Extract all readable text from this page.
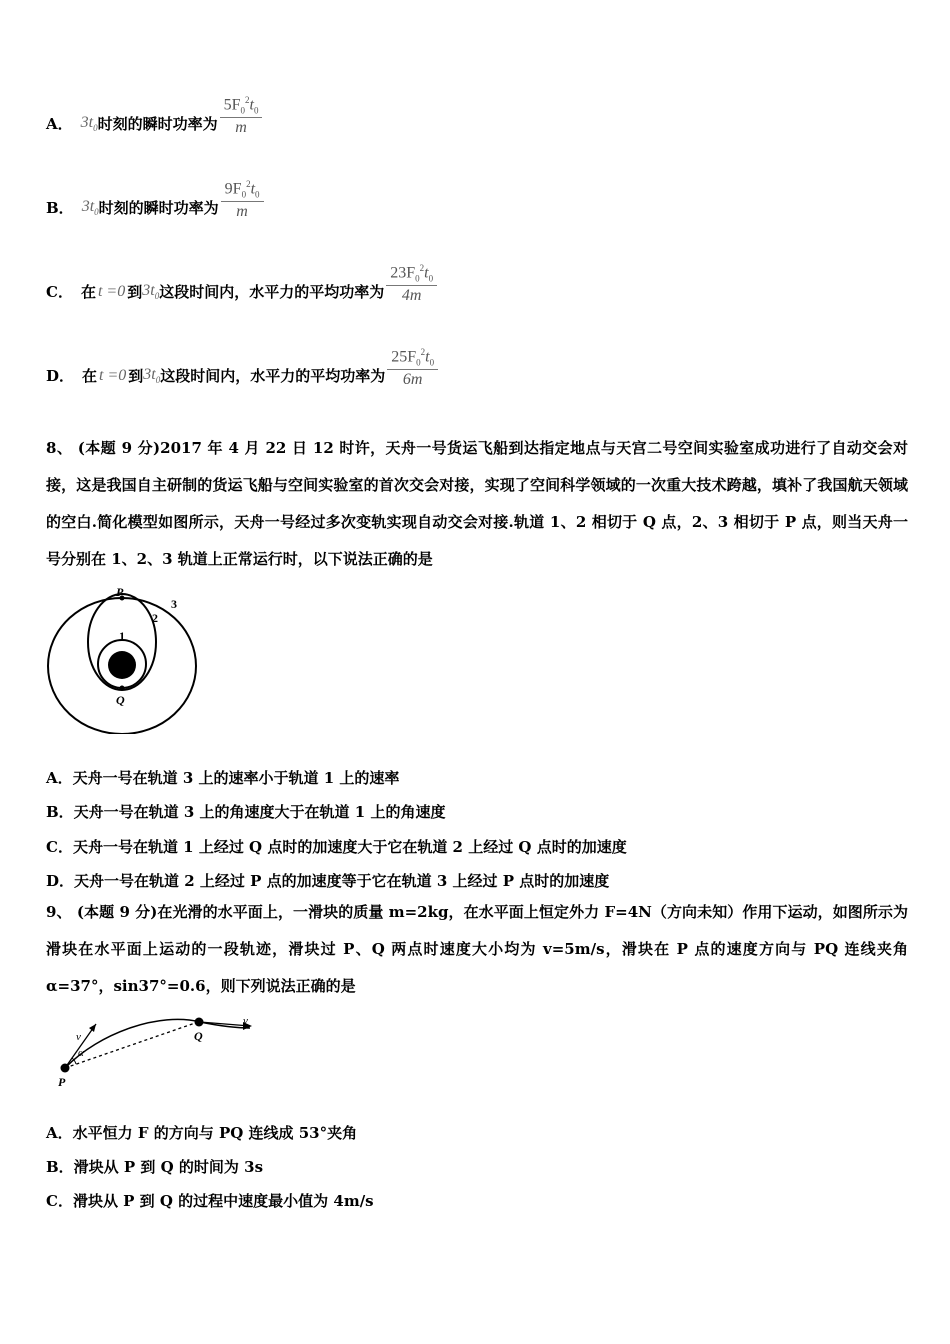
A． $3t_0$ 时刻的瞬时功率为 $\frac{5F_0^2t_0}{m}$
B． $3t_0$ 时刻的瞬时功率为 $\frac{9F_0^2t_0}{m}$
C． 在 t =0 到 $3t_0$ 这段时间内，水平力的平均功率为 $\frac{23F_0^2t_0}{4m}$
D． 在 t =0 到 $3t_0$ 这段时间内，水平力的平均功率为 $\frac{25F_0^2t_0}{6m}$
8、 (本题 9 分)2017 年 4 月 22 日 12 时许，天舟一号货运飞船到达指定地点与天宫二号空间实验室成功进行了自动交会对接，这是我国自主研制的货运飞船与空间实验室的首次交会对接，实现了空间科学领域的一次重大技术跨越，填补了我国航天领域的空白.简化模型如图所示，天舟一号经过多次变轨实现自动交会对接.轨道 1、2 相切于 Q 点，2、3 相切于 P 点，则当天舟一号分别在 1、2、3 轨道上正常运行时，以下说法正确的是
P
Q
1
2
3
A．天舟一号在轨道 3 上的速率小于轨道 1 上的速率
B．天舟一号在轨道 3 上的角速度大于在轨道 1 上的角速度
C．天舟一号在轨道 1 上经过 Q 点时的加速度大于它在轨道 2 上经过 Q 点时的加速度
D．天舟一号在轨道 2 上经过 P 点的加速度等于它在轨道 3 上经过 P 点时的加速度
9、 (本题 9 分)在光滑的水平面上，一滑块的质量 m=2kg，在水平面上恒定外力 F=4N（方向未知）作用下运动，如图所示为滑块在水平面上运动的一段轨迹，滑块过 P、Q 两点时速度大小均为 v=5m/s，滑块在 P 点的速度方向与 PQ 连线夹角 α=37°，sin37°=0.6，则下列说法正确的是
v
α
P
Q
v
A．水平恒力 F 的方向与 PQ 连线成 53°夹角
B．滑块从 P 到 Q 的时间为 3s
C．滑块从 P 到 Q 的过程中速度最小值为 4m/s
